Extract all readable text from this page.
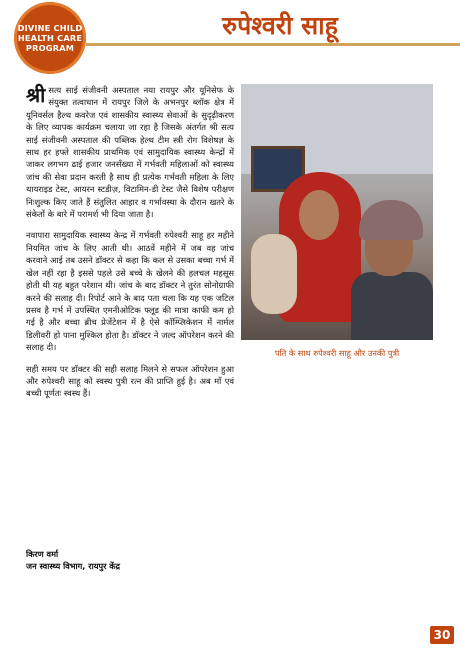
DIVINE CHILD
HEALTH CARE
PROGRAM
रुपेश्वरी साहू

श्री सत्य साई संजीवनी अस्पताल नया रायपुर और यूनिसेफ के संयुक्त तत्वाधान में रायपुर जिले के अभनपुर ब्लॉक क्षेत्र में यूनिवर्सल हैल्थ कवरेज एवं शासकीय स्वास्थ्य सेवाओं के सुदृढ़ीकरण के लिए व्यापक कार्यक्रम चलाया जा रहा है जिसके अंतर्गत श्री सत्य साई संजीवनी अस्पताल की पब्लिक हेल्थ टीम स्त्री रोग विशेषज्ञ के साथ हर हफ्ते शासकीय प्राथमिक एवं सामुदायिक स्वास्थ्य केन्द्रों में जाकर लगभग ढाई हजार जनसँख्या में गर्भवती महिलाओं को स्वास्थ्य जांच की सेवा प्रदान करती है साथ ही प्रत्येक गर्भवती महिला के लिए थायराइड टेस्ट, आयरन स्टडीज़, विटामिन-डी टेस्ट जैसे विशेष परीक्षण निःशुल्क किए जाते हैं संतुलित आहार व गर्भावस्था के दौरान खतरे के संकेतों के बारे में परामर्श भी दिया जाता है।

नवापारा सामुदायिक स्वास्थ्य केन्द्र में गर्भवती रुपेश्वरी साहू हर महीने नियमित जांच के लिए आती थी। आठवें महीने में जब वह जांच करवाने आई तब उसने डॉक्टर से कहा कि कल से उसका बच्चा गर्भ में खेल नहीं रहा है इससे पहले उसे बच्चे के खेलने की हलचल महसूस होती थी यह बहुत परेशान थी। जांच के बाद डॉक्टर ने तुरंत सोनोग्राफी करने की सलाह दी। रिपोर्ट आने के बाद पता चला कि यह एक जटिल प्रसव है गर्भ में उपस्थित एमनीओटिक फ्लूड की मात्रा काफी कम हो गई है और बच्चा ब्रीच प्रेजेंटेशन में है ऐसे कॉम्प्लिकेशन में नार्मल डिलीवरी हो पाना मुश्किल होता है। डॉक्टर ने जल्द ऑपरेशन करने की सलाह दी।

सही समय पर डॉक्टर की सही सलाह मिलने से सफल ऑपरेशन हुआ और रुपेश्वरी साहू को स्वस्थ पुत्री रत्न की प्राप्ति हुई है। अब माँ एवं बच्ची पूर्णतः स्वस्थ हैं।

पति के साथ रुपेश्वरी साहू और उनकी पुत्री

किरण वर्मा
जन स्वास्थ्य विभाग, रायपुर केंद्र
30
